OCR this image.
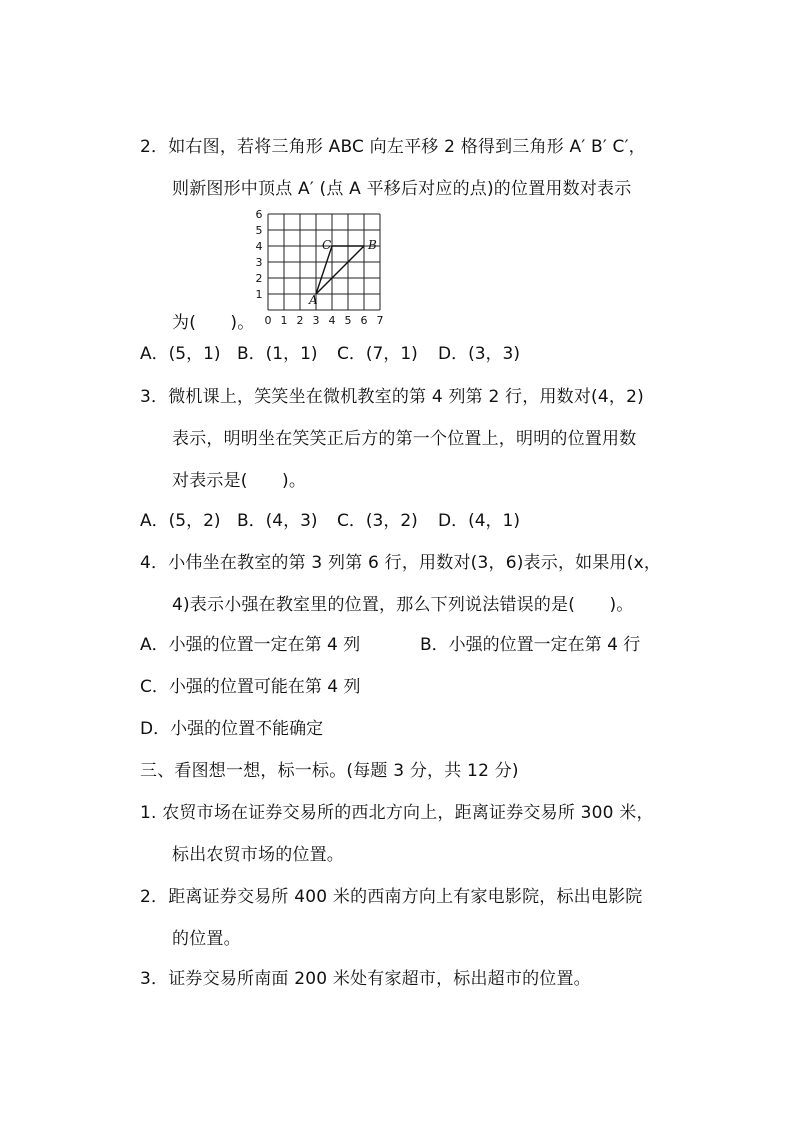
2．如右图，若将三角形 ABC 向左平移 2 格得到三角形 A′ B′ C′，
则新图形中顶点 A′ (点 A 平移后对应的点)的位置用数对表示
0 1 2 3 4 5 6 7
1
2
3
4
5
6
A
B
C
为(　　)。
A．(5，1) B．(1，1) C．(7，1) D．(3，3)
3．微机课上，笑笑坐在微机教室的第 4 列第 2 行，用数对(4，2)
表示，明明坐在笑笑正后方的第一个位置上，明明的位置用数
对表示是(　　)。
A．(5，2) B．(4，3) C．(3，2) D．(4，1)
4．小伟坐在教室的第 3 列第 6 行，用数对(3，6)表示，如果用(x，
4)表示小强在教室里的位置，那么下列说法错误的是(　　)。
A．小强的位置一定在第 4 列	B．小强的位置一定在第 4 行
C．小强的位置可能在第 4 列
D．小强的位置不能确定
三、看图想一想，标一标。(每题 3 分，共 12 分)
1. 农贸市场在证券交易所的西北方向上，距离证券交易所 300 米，
标出农贸市场的位置。
2．距离证券交易所 400 米的西南方向上有家电影院，标出电影院
的位置。
3．证券交易所南面 200 米处有家超市，标出超市的位置。
